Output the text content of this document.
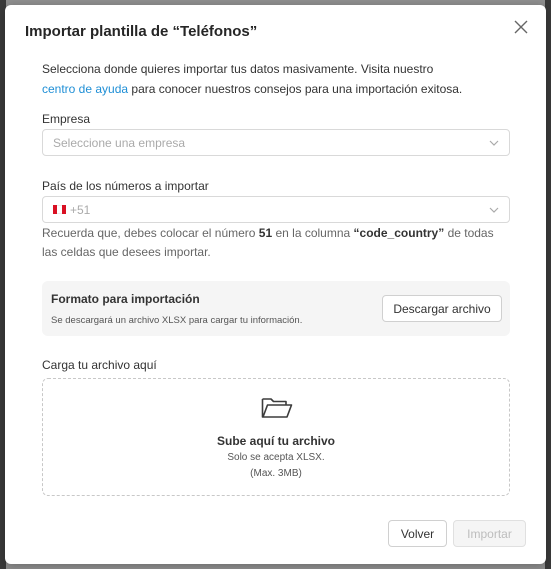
Importar plantilla de “Teléfonos”
Selecciona donde quieres importar tus datos masivamente. Visita nuestro
centro de ayuda para conocer nuestros consejos para una importación exitosa.
Empresa
Seleccione una empresa
País de los números a importar
+51
Recuerda que, debes colocar el número 51 en la columna “code_country” de todas las celdas que desees importar.
Formato para importación
Se descargará un archivo XLSX para cargar tu información.
Descargar archivo
Carga tu archivo aquí
Sube aquí tu archivo
Solo se acepta XLSX.
(Max. 3MB)
Volver	Importar
